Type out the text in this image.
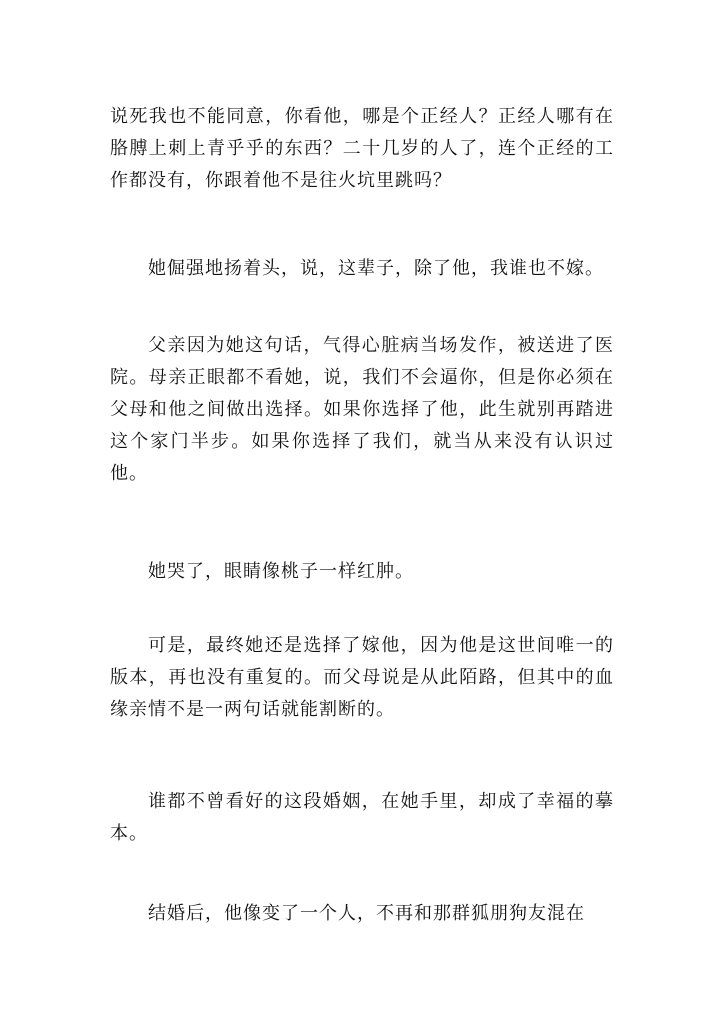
说死我也不能同意，你看他，哪是个正经人？正经人哪有在胳膊上刺上青乎乎的东西？二十几岁的人了，连个正经的工作都没有，你跟着他不是往火坑里跳吗？

她倔强地扬着头，说，这辈子，除了他，我谁也不嫁。

父亲因为她这句话，气得心脏病当场发作，被送进了医院。母亲正眼都不看她，说，我们不会逼你，但是你必须在父母和他之间做出选择。如果你选择了他，此生就别再踏进这个家门半步。如果你选择了我们，就当从来没有认识过他。

她哭了，眼睛像桃子一样红肿。

可是，最终她还是选择了嫁他，因为他是这世间唯一的版本，再也没有重复的。而父母说是从此陌路，但其中的血缘亲情不是一两句话就能割断的。

谁都不曾看好的这段婚姻，在她手里，却成了幸福的摹本。

结婚后，他像变了一个人，不再和那群狐朋狗友混在
